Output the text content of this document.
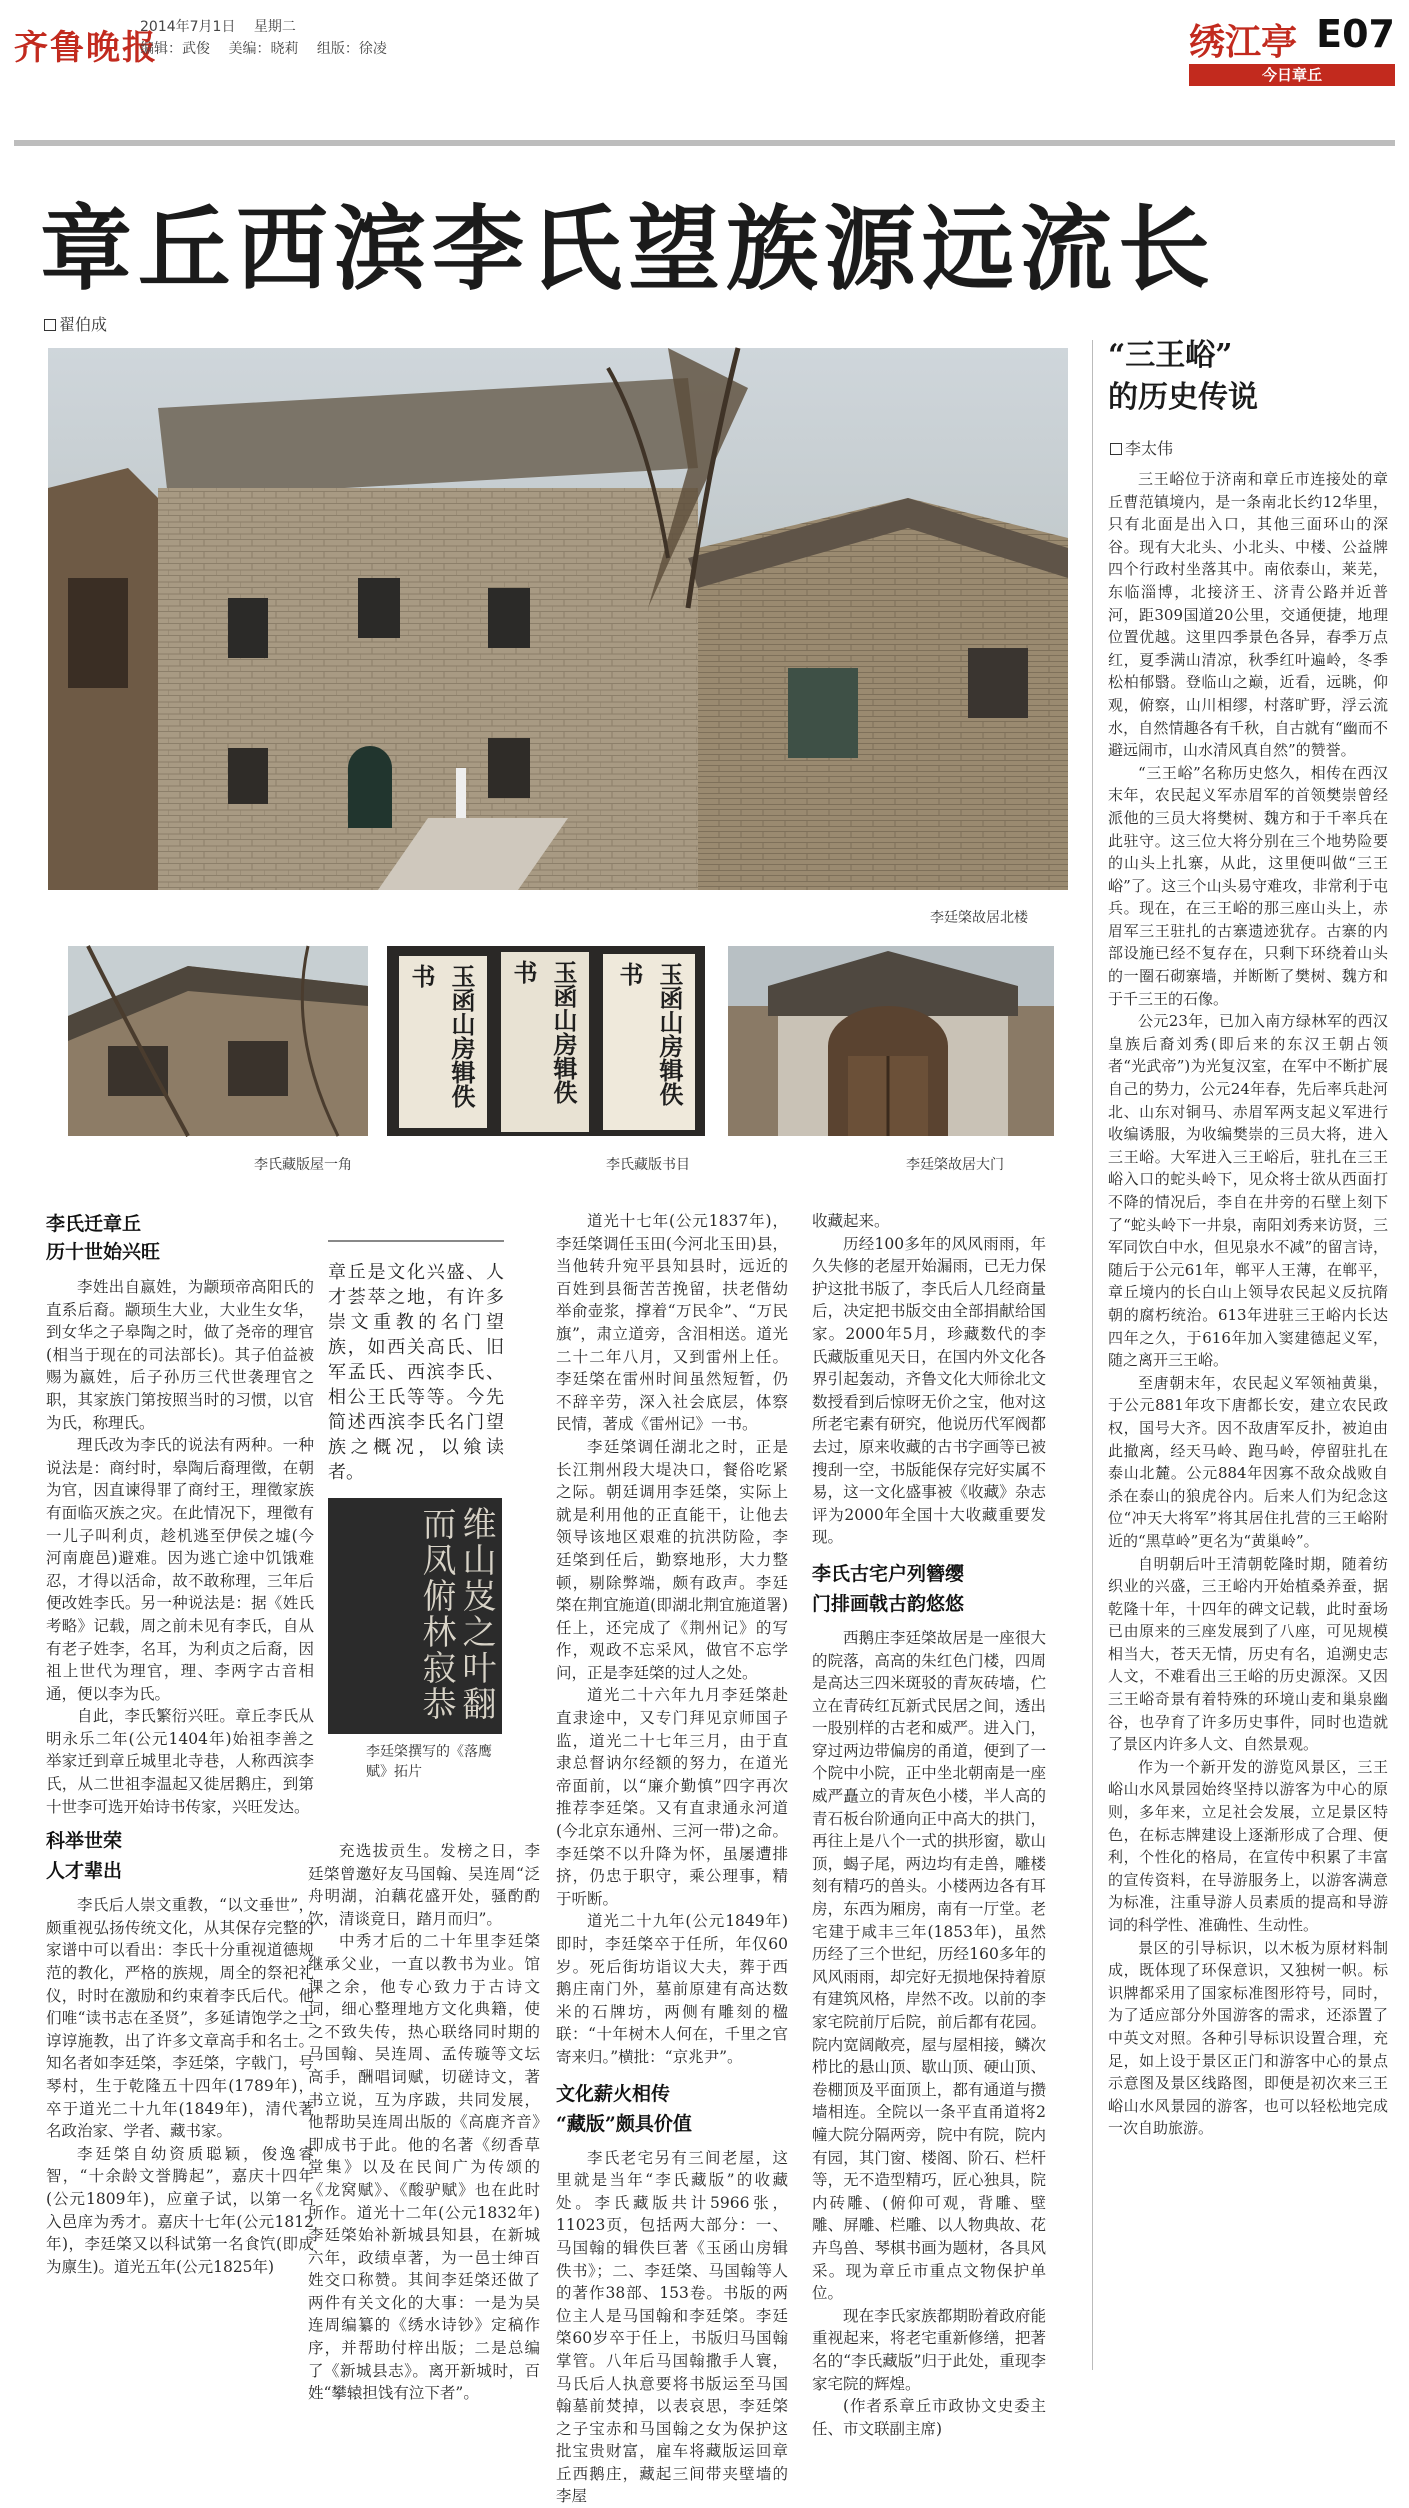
齐鲁晚报
2014年7月1日 星期二
编辑：武俊 美编：晓莉 组版：徐凌	绣江亭 E07
今日章丘
章丘西滨李氏望族源远流长
翟伯成
李廷棨故居北楼
玉函山房辑佚书	玉函山房辑佚书	玉函山房辑佚书
李氏藏版屋一角	李氏藏版书目	李廷棨故居大门

李氏迁章丘

历十世始兴旺

李姓出自嬴姓，为颛顼帝高阳氏的直系后裔。颛顼生大业，大业生女华，到女华之子皋陶之时，做了尧帝的理官(相当于现在的司法部长)。其子伯益被赐为嬴姓，后子孙历三代世袭理官之职，其家族门第按照当时的习惯，以官为氏，称理氏。

理氏改为李氏的说法有两种。一种说法是：商纣时，皋陶后裔理徵，在朝为官，因直谏得罪了商纣王，理徵家族有面临灭族之灾。在此情况下，理徵有一儿子叫利贞，趁机逃至伊侯之墟(今河南鹿邑)避难。因为逃亡途中饥饿难忍，才得以活命，故不敢称理，三年后便改姓李氏。另一种说法是：据《姓氏考略》记载，周之前未见有李氏，自从有老子姓李，名耳，为利贞之后裔，因祖上世代为理官，理、李两字古音相通，便以李为氏。

自此，李氏繁衍兴旺。章丘李氏从明永乐二年(公元1404年)始祖李善之举家迁到章丘城里北寺巷，人称西滨李氏，从二世祖李温起又徙居鹅庄，到第十世李可选开始诗书传家，兴旺发达。

科举世荣

人才辈出

李氏后人崇文重教，“以文垂世”，颇重视弘扬传统文化，从其保存完整的家谱中可以看出：李氏十分重视道德规范的教化，严格的族规，周全的祭祀礼仪，时时在激励和约束着李氏后代。他们唯“读书志在圣贤”，多延请饱学之士谆谆施教，出了许多文章高手和名士。知名者如李廷棨，李廷棨，字戟门，号琴村，生于乾隆五十四年(1789年)，卒于道光二十九年(1849年)，清代著名政治家、学者、藏书家。

李廷棨自幼资质聪颖，俊逸睿智，“十余龄文誉腾起”，嘉庆十四年(公元1809年)，应童子试，以第一名入邑庠为秀才。嘉庆十七年(公元1812年)，李廷棨又以科试第一名食饩(即成为廪生)。道光五年(公元1825年)

章丘是文化兴盛、人才荟萃之地，有许多崇文重教的名门望族，如西关高氏、旧军孟氏、西滨李氏、相公王氏等等。今先简述西滨李氏名门望族之概况，以飨读者。
维山岌之叶翻而凤俯林寂恭
李廷棨撰写的《落鹰赋》拓片

充选拔贡生。发榜之日，李廷棨曾邀好友马国翰、吴连周“泛舟明湖，泊藕花盛开处，骚酌酌饮，清谈竟日，踏月而归”。

中秀才后的二十年里李廷棨继承父业，一直以教书为业。馆课之余，他专心致力于古诗文词，细心整理地方文化典籍，使之不致失传，热心联络同时期的马国翰、吴连周、孟传璇等文坛高手，酬唱词赋，切磋诗文，著书立说，互为序跋，共同发展，他帮助吴连周出版的《高鹿齐音》即成书于此。他的名著《纫香草堂集》以及在民间广为传颂的《龙窝赋》、《酸驴赋》也在此时所作。道光十二年(公元1832年)李廷棨始补新城县知县，在新城六年，政绩卓著，为一邑士绅百姓交口称赞。其间李廷棨还做了两件有关文化的大事：一是为吴连周编纂的《绣水诗钞》定稿作序，并帮助付梓出版；二是总编了《新城县志》。离开新城时，百姓“攀辕担饯有泣下者”。

道光十七年(公元1837年)，李廷棨调任玉田(今河北玉田)县，当他转升宛平县知县时，远近的百姓到县衙苦苦挽留，扶老偕幼举俞壶浆，撑着“万民伞”、“万民旗”，肃立道旁，含泪相送。道光二十二年八月，又到雷州上任。李廷棨在雷州时间虽然短暂，仍不辞辛劳，深入社会底层，体察民情，著成《雷州记》一书。

李廷棨调任湖北之时，正是长江荆州段大堤决口，餐俗吃紧之际。朝廷调用李廷棨，实际上就是利用他的正直能干，让他去领导该地区艰难的抗洪防险，李廷棨到任后，勤察地形，大力整顿，剔除弊端，颇有政声。李廷棨在荆宜施道(即湖北荆宜施道署)任上，还完成了《荆州记》的写作，观政不忘采风，做官不忘学问，正是李廷棨的过人之处。

道光二十六年九月李廷棨赴直隶途中，又专门拜见京师国子监，道光二十七年三月，由于直隶总督讷尔经额的努力，在道光帝面前，以“廉介勤慎”四字再次推荐李廷棨。又有直隶通永河道(今北京东通州、三河一带)之命。李廷棨不以升降为怀，虽屡遭排挤，仍忠于职守，乘公理事，精于听断。

道光二十九年(公元1849年)即时，李廷棨卒于任所，年仅60岁。死后街坊诣议大夫，葬于西鹅庄南门外，墓前原建有高达数米的石牌坊，两侧有雕刻的楹联：“十年树木人何在，千里之官寄来归。”横批：“京兆尹”。

文化薪火相传

“藏版”颇具价值

李氏老宅另有三间老屋，这里就是当年“李氏藏版”的收藏处。李氏藏版共计5966张，11023页，包括两大部分：一、马国翰的辑佚巨著《玉函山房辑佚书》；二、李廷棨、马国翰等人的著作38部、153卷。书版的两位主人是马国翰和李廷棨。李廷棨60岁卒于任上，书版归马国翰掌管。八年后马国翰撒手人寰，马氏后人执意要将书版运至马国翰墓前焚掉，以表哀思，李廷棨之子宝赤和马国翰之女为保护这批宝贵财富，雇车将藏版运回章丘西鹅庄，藏起三间带夹壁墙的李屋

收藏起来。

历经100多年的风风雨雨，年久失修的老屋开始漏雨，已无力保护这批书版了，李氏后人几经商量后，决定把书版交由全部捐献给国家。2000年5月，珍藏数代的李氏藏版重见天日，在国内外文化各界引起轰动，齐鲁文化大师徐北文数授看到后惊呀无价之宝，他对这所老宅素有研究，他说历代军阀都去过，原来收藏的古书字画等已被搜刮一空，书版能保存完好实属不易，这一文化盛事被《收藏》杂志评为2000年全国十大收藏重要发现。

李氏古宅户列簪缨

门排画戟古韵悠悠

西鹅庄李廷棨故居是一座很大的院落，高高的朱红色门楼，四周是高达三四米斑驳的青灰砖墙，伫立在青砖红瓦新式民居之间，透出一股别样的古老和威严。进入门，穿过两边带偏房的甬道，便到了一个院中小院，正中坐北朝南是一座威严矗立的青灰色小楼，半人高的青石板台阶通向正中高大的拱门，再往上是八个一式的拱形窗，歇山顶，蝎子尾，两边均有走兽，雕楼刻有精巧的兽头。小楼两边各有耳房，东西为厢房，南有一厅堂。老宅建于咸丰三年(1853年)，虽然历经了三个世纪，历经160多年的风风雨雨，却完好无损地保持着原有建筑风格，岸然不改。以前的李家宅院前厅后院，前后都有花园。院内宽阔敞亮，屋与屋相接，鳞次栉比的悬山顶、歇山顶、硬山顶、卷棚顶及平面顶上，都有通道与攒墙相连。全院以一条平直甬道将2幢大院分隔两旁，院中有院，院内有园，其门窗、楼阁、阶石、栏杆等，无不造型精巧，匠心独具，院内砖雕、(俯仰可观，背雕、壁雕、屏雕、栏雕、以人物典故、花卉鸟兽、琴棋书画为题材，各具风采。现为章丘市重点文物保护单位。

现在李氏家族都期盼着政府能重视起来，将老宅重新修缮，把著名的“李氏藏版”归于此处，重现李家宅院的辉煌。

(作者系章丘市政协文史委主任、市文联副主席)

“三王峪”
的历史传说
李太伟

三王峪位于济南和章丘市连接处的章丘曹范镇境内，是一条南北长约12华里，只有北面是出入口，其他三面环山的深谷。现有大北头、小北头、中楼、公益牌四个行政村坐落其中。南依泰山，莱芜，东临淄博，北接济王、济青公路并近普河，距309国道20公里，交通便捷，地理位置优越。这里四季景色各异，春季万点红，夏季满山清凉，秋季红叶遍岭，冬季松柏郁翳。登临山之巅，近看，远眺，仰观，俯察，山川相缪，村落旷野，浮云流水，自然情趣各有千秋，自古就有“幽而不避远闹市，山水清风真自然”的赞誉。

“三王峪”名称历史悠久，相传在西汉末年，农民起义军赤眉军的首领樊崇曾经派他的三员大将樊树、魏方和于千率兵在此驻守。这三位大将分别在三个地势险要的山头上扎寨，从此，这里便叫做“三王峪”了。这三个山头易守难攻，非常利于屯兵。现在，在三王峪的那三座山头上，赤眉军三王驻扎的古寨遗迹犹存。古寨的内部设施已经不复存在，只剩下环绕着山头的一圈石砌寨墙，并断断了樊树、魏方和于千三王的石像。

公元23年，已加入南方绿林军的西汉皇族后裔刘秀(即后来的东汉王朝占领者“光武帝”)为光复汉室，在军中不断扩展自己的势力，公元24年春，先后率兵赴河北、山东对铜马、赤眉军两支起义军进行收编诱服，为收编樊崇的三员大将，进入三王峪。大军进入三王峪后，驻扎在三王峪入口的蛇头岭下，见众将士欲从西面打不降的情况后，李自在井旁的石壁上刻下了“蛇头岭下一井泉，南阳刘秀来访贤，三军同饮白中水，但见泉水不减”的留言诗，随后于公元61年，郸平人王薄，在郸平，章丘境内的长白山上领导农民起义反抗隋朝的腐朽统治。613年进驻三王峪内长达四年之久，于616年加入窦建德起义军，随之离开三王峪。

至唐朝末年，农民起义军领袖黄巢，于公元881年攻下唐都长安，建立农民政权，国号大齐。因不敌唐军反扑，被迫由此撤离，经天马岭、跑马岭，停留驻扎在泰山北麓。公元884年因寡不敌众战败自杀在泰山的狼虎谷内。后来人们为纪念这位“冲天大将军”将其居住扎营的三王峪附近的“黑草岭”更名为“黄巢岭”。

自明朝后叶王清朝乾隆时期，随着纺织业的兴盛，三王峪内开始植桑养蚕，据乾隆十年，十四年的碑文记载，此时蚕场已由原来的三座发展到了八座，可见规模相当大，苍天无情，历史有名，追溯史志人文，不难看出三王峪的历史源深。又因三王峪奇景有着特殊的环境山麦和巢泉幽谷，也孕育了许多历史事件，同时也造就了景区内许多人文、自然景观。

作为一个新开发的游览风景区，三王峪山水风景园始终坚持以游客为中心的原则，多年来，立足社会发展，立足景区特色，在标志牌建设上逐渐形成了合理、便利，个性化的格局，在宣传中积累了丰富的宣传资料，在导游服务上，以游客满意为标准，注重导游人员素质的提高和导游词的科学性、准确性、生动性。

景区的引导标识，以木板为原材料制成，既体现了环保意识，又独树一帜。标识牌都采用了国家标准图形符号，同时，为了适应部分外国游客的需求，还添置了中英文对照。各种引导标识设置合理，充足，如上设于景区正门和游客中心的景点示意图及景区线路图，即便是初次来三王峪山水风景园的游客，也可以轻松地完成一次自助旅游。
